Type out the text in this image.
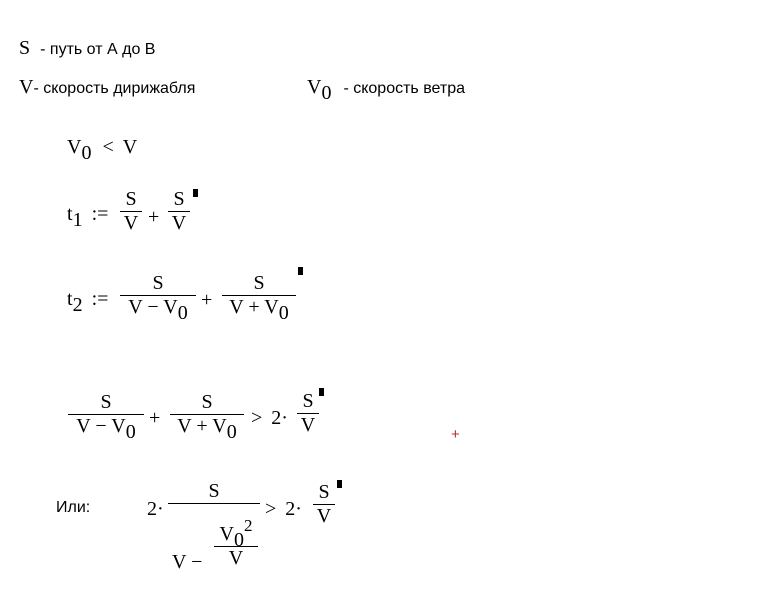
S - путь от А до В
V- скорость дирижабля	V0 - скорость ветра
V0 < V
t1 :=
S
V +
S
V
t2 :=
S
V − V0
+
S
V + V0
S
V − V0
+
S
V + V0
> 2·
S
V	+
Или:	2·
S
V −
$V0^2$
V
> 2·
S
V
